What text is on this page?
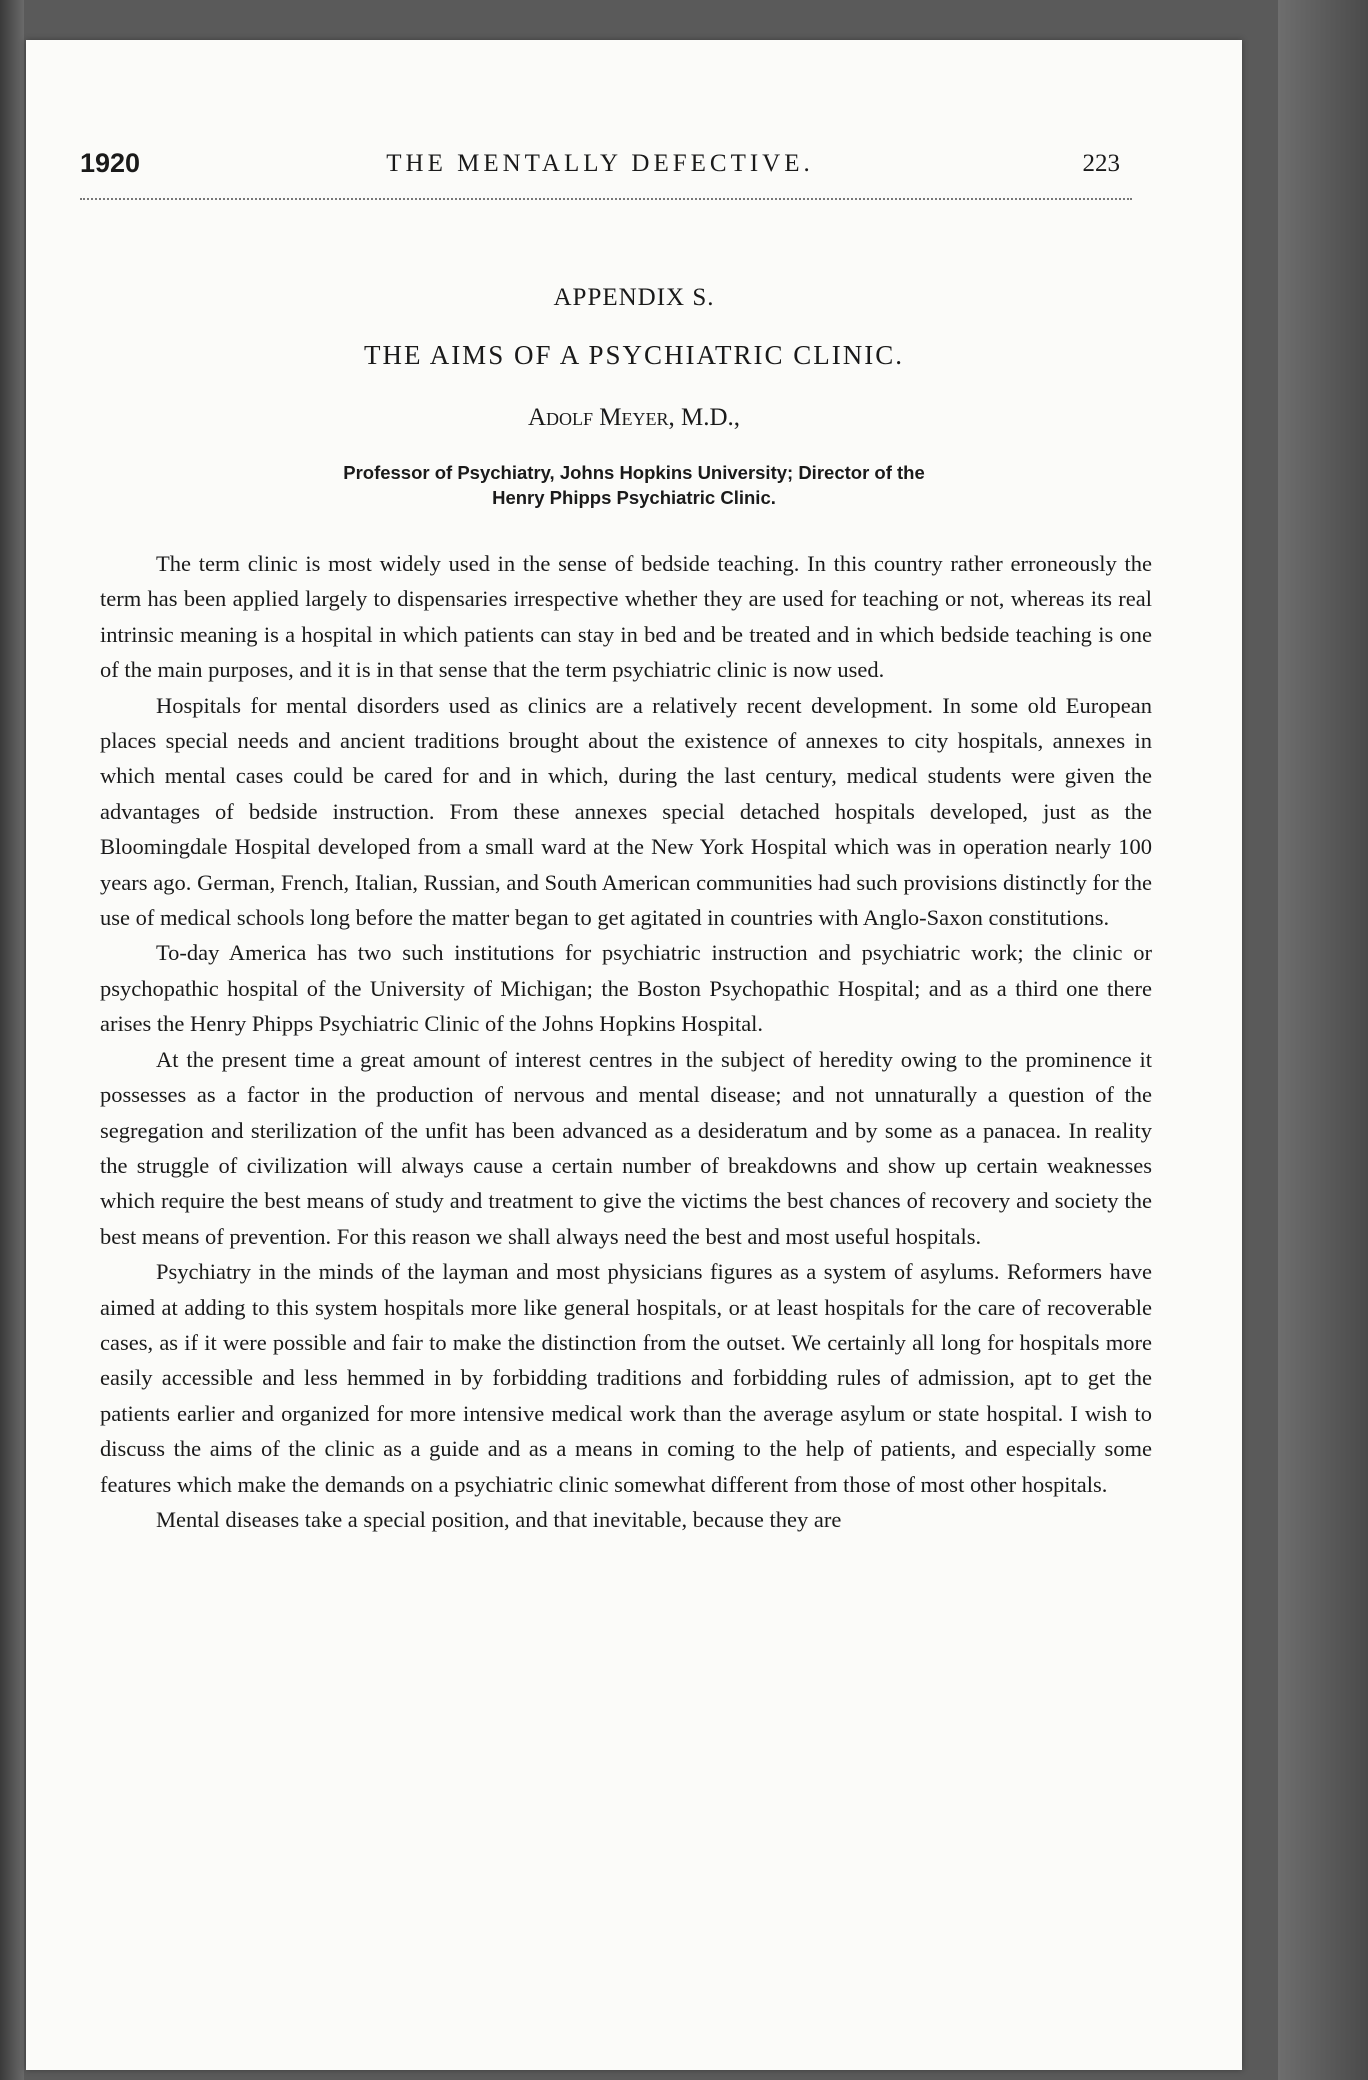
1920	THE MENTALLY DEFECTIVE.	223
APPENDIX S.
THE AIMS OF A PSYCHIATRIC CLINIC.
Adolf Meyer, M.D.,
Professor of Psychiatry, Johns Hopkins University; Director of the
Henry Phipps Psychiatric Clinic.

The term clinic is most widely used in the sense of bedside teaching. In this country rather erroneously the term has been applied largely to dispensaries irrespective whether they are used for teaching or not, whereas its real intrinsic meaning is a hospital in which patients can stay in bed and be treated and in which bedside teaching is one of the main purposes, and it is in that sense that the term psychiatric clinic is now used.

Hospitals for mental disorders used as clinics are a relatively recent development. In some old European places special needs and ancient traditions brought about the existence of annexes to city hospitals, annexes in which mental cases could be cared for and in which, during the last century, medical students were given the advantages of bedside instruction. From these annexes special detached hospitals developed, just as the Bloomingdale Hospital developed from a small ward at the New York Hospital which was in operation nearly 100 years ago. German, French, Italian, Russian, and South American communities had such provisions distinctly for the use of medical schools long before the matter began to get agitated in countries with Anglo-Saxon constitutions.

To-day America has two such institutions for psychiatric instruction and psychiatric work; the clinic or psychopathic hospital of the University of Michigan; the Boston Psychopathic Hospital; and as a third one there arises the Henry Phipps Psychiatric Clinic of the Johns Hopkins Hospital.

At the present time a great amount of interest centres in the subject of heredity owing to the prominence it possesses as a factor in the production of nervous and mental disease; and not unnaturally a question of the segregation and sterilization of the unfit has been advanced as a desideratum and by some as a panacea. In reality the struggle of civilization will always cause a certain number of breakdowns and show up certain weaknesses which require the best means of study and treatment to give the victims the best chances of recovery and society the best means of prevention. For this reason we shall always need the best and most useful hospitals.

Psychiatry in the minds of the layman and most physicians figures as a system of asylums. Reformers have aimed at adding to this system hospitals more like general hospitals, or at least hospitals for the care of recoverable cases, as if it were possible and fair to make the distinction from the outset. We certainly all long for hospitals more easily accessible and less hemmed in by forbidding traditions and forbidding rules of admission, apt to get the patients earlier and organized for more intensive medical work than the average asylum or state hospital. I wish to discuss the aims of the clinic as a guide and as a means in coming to the help of patients, and especially some features which make the demands on a psychiatric clinic somewhat different from those of most other hospitals.

Mental diseases take a special position, and that inevitable, because they are
